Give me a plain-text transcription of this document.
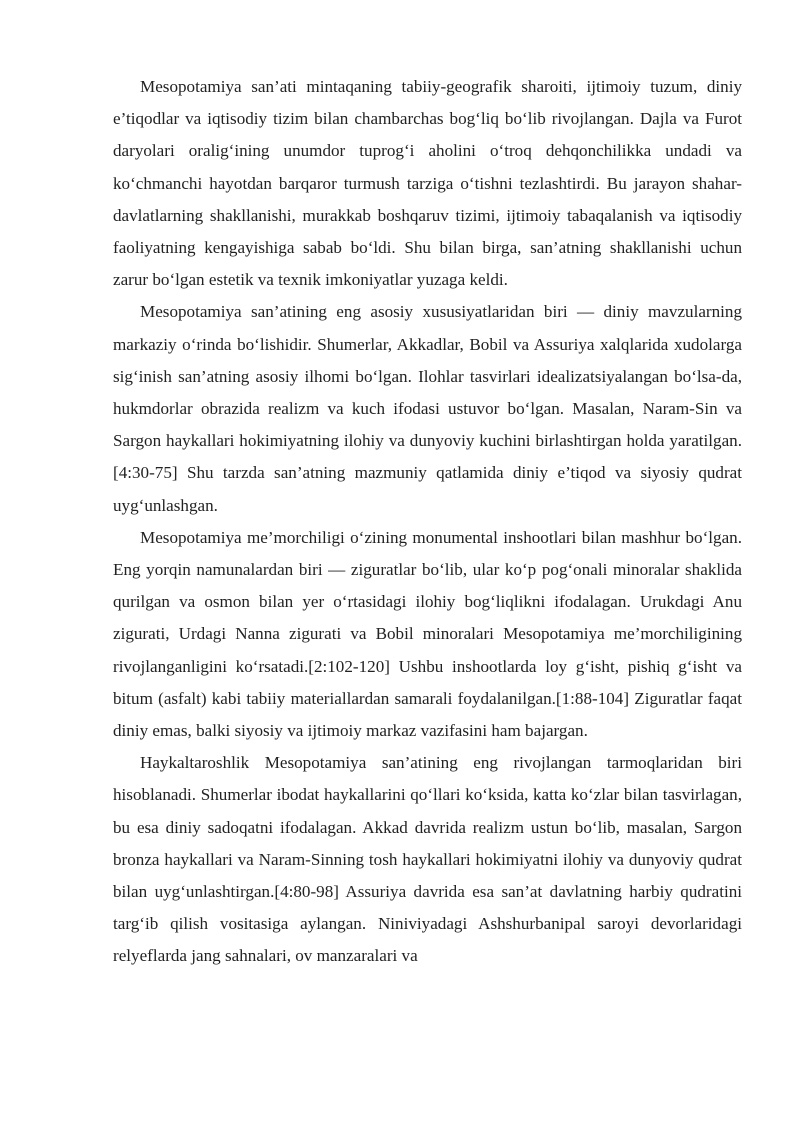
Mesopotamiya san’ati mintaqaning tabiiy-geografik sharoiti, ijtimoiy tuzum, diniy e’tiqodlar va iqtisodiy tizim bilan chambarchas bog‘liq bo‘lib rivojlangan. Dajla va Furot daryolari oralig‘ining unumdor tuprog‘i aholini o‘troq dehqonchilikka undadi va ko‘chmanchi hayotdan barqaror turmush tarziga o‘tishni tezlashtirdi. Bu jarayon shahar-davlatlarning shakllanishi, murakkab boshqaruv tizimi, ijtimoiy tabaqalanish va iqtisodiy faoliyatning kengayishiga sabab bo‘ldi. Shu bilan birga, san’atning shakllanishi uchun zarur bo‘lgan estetik va texnik imkoniyatlar yuzaga keldi.

Mesopotamiya san’atining eng asosiy xususiyatlaridan biri — diniy mavzularning markaziy o‘rinda bo‘lishidir. Shumerlar, Akkadlar, Bobil va Assuriya xalqlarida xudolarga sig‘inish san’atning asosiy ilhomi bo‘lgan. Ilohlar tasvirlari idealizatsiyalangan bo‘lsa-da, hukmdorlar obrazida realizm va kuch ifodasi ustuvor bo‘lgan. Masalan, Naram-Sin va Sargon haykallari hokimiyatning ilohiy va dunyoviy kuchini birlashtirgan holda yaratilgan.[4:30-75] Shu tarzda san’atning mazmuniy qatlamida diniy e’tiqod va siyosiy qudrat uyg‘unlashgan.

Mesopotamiya me’morchiligi o‘zining monumental inshootlari bilan mashhur bo‘lgan. Eng yorqin namunalardan biri — ziguratlar bo‘lib, ular ko‘p pog‘onali minoralar shaklida qurilgan va osmon bilan yer o‘rtasidagi ilohiy bog‘liqlikni ifodalagan. Urukdagi Anu zigurati, Urdagi Nanna zigurati va Bobil minoralari Mesopotamiya me’morchiligining rivojlanganligini ko‘rsatadi.[2:102-120] Ushbu inshootlarda loy g‘isht, pishiq g‘isht va bitum (asfalt) kabi tabiiy materiallardan samarali foydalanilgan.[1:88-104] Ziguratlar faqat diniy emas, balki siyosiy va ijtimoiy markaz vazifasini ham bajargan.

Haykaltaroshlik Mesopotamiya san’atining eng rivojlangan tarmoqlaridan biri hisoblanadi. Shumerlar ibodat haykallarini qo‘llari ko‘ksida, katta ko‘zlar bilan tasvirlagan, bu esa diniy sadoqatni ifodalagan. Akkad davrida realizm ustun bo‘lib, masalan, Sargon bronza haykallari va Naram-Sinning tosh haykallari hokimiyatni ilohiy va dunyoviy qudrat bilan uyg‘unlashtirgan.[4:80-98] Assuriya davrida esa san’at davlatning harbiy qudratini targ‘ib qilish vositasiga aylangan. Niniviyadagi Ashshurbanipal saroyi devorlaridagi relyeflarda jang sahnalari, ov manzaralari va
